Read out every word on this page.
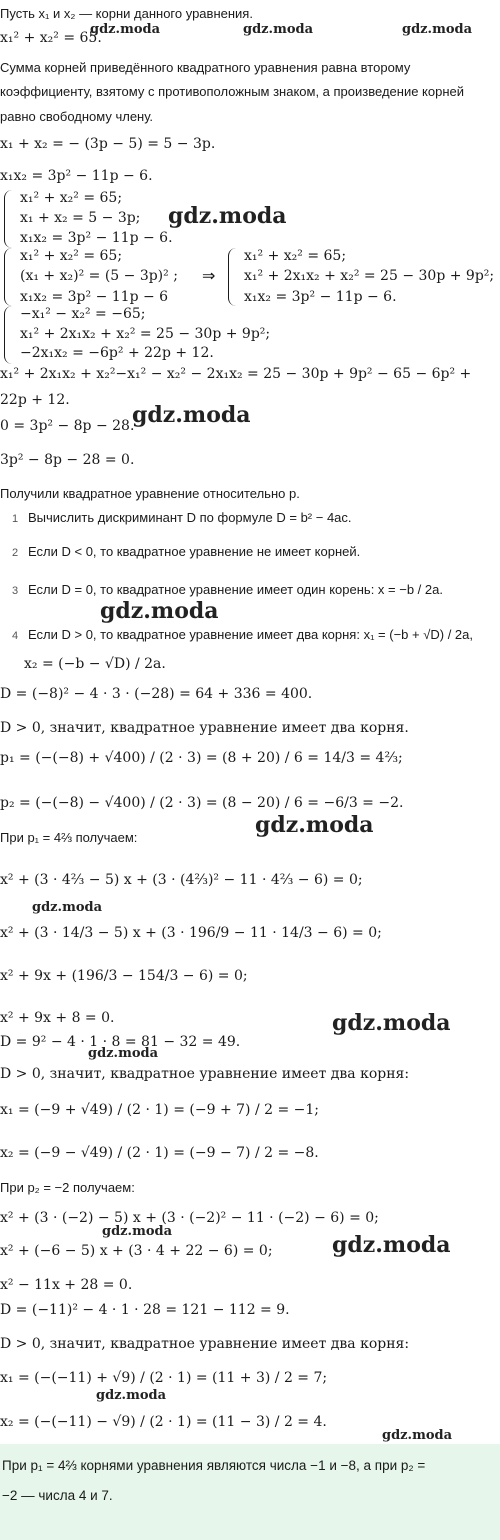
Пусть x₁ и x₂ — корни данного уравнения.
x₁² + x₂² = 65.
Сумма корней приведённого квадратного уравнения равна второму
коэффициенту, взятому с противоположным знаком, а произведение корней
равно свободному члену.
x₁ + x₂ = − (3p − 5) = 5 − 3p.
x₁x₂ = 3p² − 11p − 6.
x₁² + x₂² = 65;
x₁ + x₂ = 5 − 3p;
x₁x₂ = 3p² − 11p − 6.
x₁² + x₂² = 65;
(x₁ + x₂)² = (5 − 3p)² ;
x₁x₂ = 3p² − 11p − 6
⇒
x₁² + x₂² = 65;
x₁² + 2x₁x₂ + x₂² = 25 − 30p + 9p²;
x₁x₂ = 3p² − 11p − 6.
−x₁² − x₂² = −65;
x₁² + 2x₁x₂ + x₂² = 25 − 30p + 9p²;
−2x₁x₂ = −6p² + 22p + 12.
x₁² + 2x₁x₂ + x₂²−x₁² − x₂² − 2x₁x₂ = 25 − 30p + 9p² − 65 − 6p² +
22p + 12.
0 = 3p² − 8p − 28.
3p² − 8p − 28 = 0.
Получили квадратное уравнение относительно p.
1 Вычислить дискриминант D по формуле D = b² − 4ac.
2 Если D < 0, то квадратное уравнение не имеет корней.
3 Если D = 0, то квадратное уравнение имеет один корень: x = −b / 2a.
4 Если D > 0, то квадратное уравнение имеет два корня: x₁ = (−b + √D) / 2a,
x₂ = (−b − √D) / 2a.
D = (−8)² − 4 · 3 · (−28) = 64 + 336 = 400.
D > 0, значит, квадратное уравнение имеет два корня.
p₁ = (−(−8) + √400) / (2 · 3) = (8 + 20) / 6 = 14/3 = 4⅔;
p₂ = (−(−8) − √400) / (2 · 3) = (8 − 20) / 6 = −6/3 = −2.
При p₁ = 4⅔ получаем:
x² + (3 · 4⅔ − 5) x + (3 · (4⅔)² − 11 · 4⅔ − 6) = 0;
x² + (3 · 14/3 − 5) x + (3 · 196/9 − 11 · 14/3 − 6) = 0;
x² + 9x + (196/3 − 154/3 − 6) = 0;
x² + 9x + 8 = 0.
D = 9² − 4 · 1 · 8 = 81 − 32 = 49.
D > 0, значит, квадратное уравнение имеет два корня:
x₁ = (−9 + √49) / (2 · 1) = (−9 + 7) / 2 = −1;
x₂ = (−9 − √49) / (2 · 1) = (−9 − 7) / 2 = −8.
При p₂ = −2 получаем:
x² + (3 · (−2) − 5) x + (3 · (−2)² − 11 · (−2) − 6) = 0;
x² + (−6 − 5) x + (3 · 4 + 22 − 6) = 0;
x² − 11x + 28 = 0.
D = (−11)² − 4 · 1 · 28 = 121 − 112 = 9.
D > 0, значит, квадратное уравнение имеет два корня:
x₁ = (−(−11) + √9) / (2 · 1) = (11 + 3) / 2 = 7;
x₂ = (−(−11) − √9) / (2 · 1) = (11 − 3) / 2 = 4.
При p₁ = 4⅔ корнями уравнения являются числа −1 и −8, а при p₂ =
−2 — числа 4 и 7.
gdz.moda	gdz.moda	gdz.moda
gdz.moda
gdz.moda
gdz.moda
gdz.moda
gdz.moda
gdz.moda
gdz.moda
gdz.moda
gdz.moda
gdz.moda
gdz.moda
